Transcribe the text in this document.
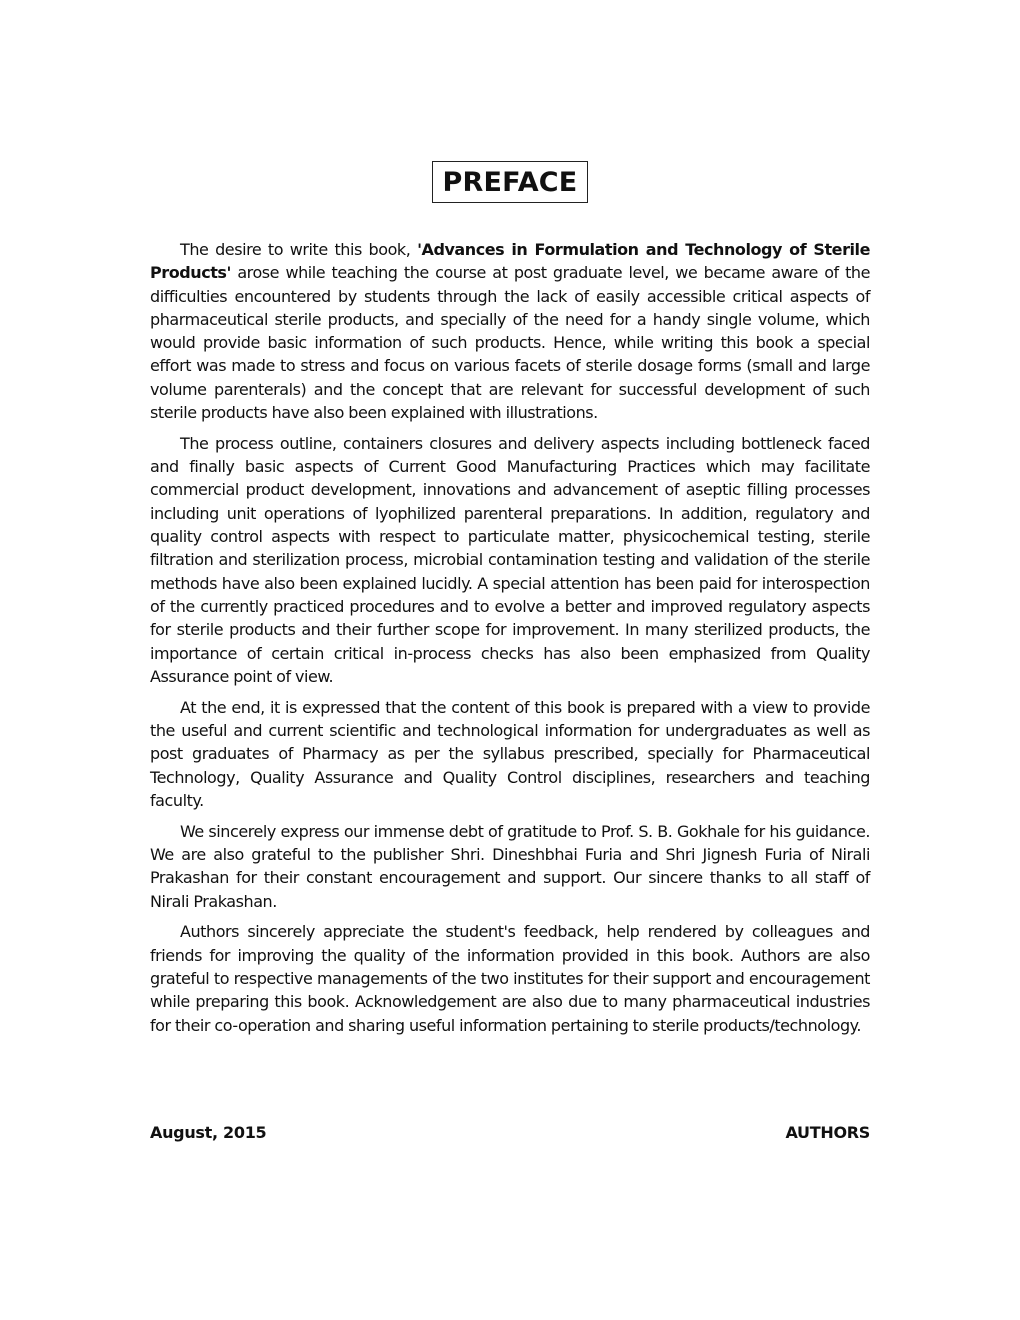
PREFACE

The desire to write this book, 'Advances in Formulation and Technology of Sterile Products' arose while teaching the course at post graduate level, we became aware of the difficulties encountered by students through the lack of easily accessible critical aspects of pharmaceutical sterile products, and specially of the need for a handy single volume, which would provide basic information of such products. Hence, while writing this book a special effort was made to stress and focus on various facets of sterile dosage forms (small and large volume parenterals) and the concept that are relevant for successful development of such sterile products have also been explained with illustrations.

The process outline, containers closures and delivery aspects including bottleneck faced and finally basic aspects of Current Good Manufacturing Practices which may facilitate commercial product development, innovations and advancement of aseptic filling processes including unit operations of lyophilized parenteral preparations. In addition, regulatory and quality control aspects with respect to particulate matter, physicochemical testing, sterile filtration and sterilization process, microbial contamination testing and validation of the sterile methods have also been explained lucidly. A special attention has been paid for interospection of the currently practiced procedures and to evolve a better and improved regulatory aspects for sterile products and their further scope for improvement. In many sterilized products, the importance of certain critical in-process checks has also been emphasized from Quality Assurance point of view.

At the end, it is expressed that the content of this book is prepared with a view to provide the useful and current scientific and technological information for undergraduates as well as post graduates of Pharmacy as per the syllabus prescribed, specially for Pharmaceutical Technology, Quality Assurance and Quality Control disciplines, researchers and teaching faculty.

We sincerely express our immense debt of gratitude to Prof. S. B. Gokhale for his guidance. We are also grateful to the publisher Shri. Dineshbhai Furia and Shri Jignesh Furia of Nirali Prakashan for their constant encouragement and support. Our sincere thanks to all staff of Nirali Prakashan.

Authors sincerely appreciate the student's feedback, help rendered by colleagues and friends for improving the quality of the information provided in this book. Authors are also grateful to respective managements of the two institutes for their support and encouragement while preparing this book. Acknowledgement are also due to many pharmaceutical industries for their co-operation and sharing useful information pertaining to sterile products/technology.

August, 2015	AUTHORS
